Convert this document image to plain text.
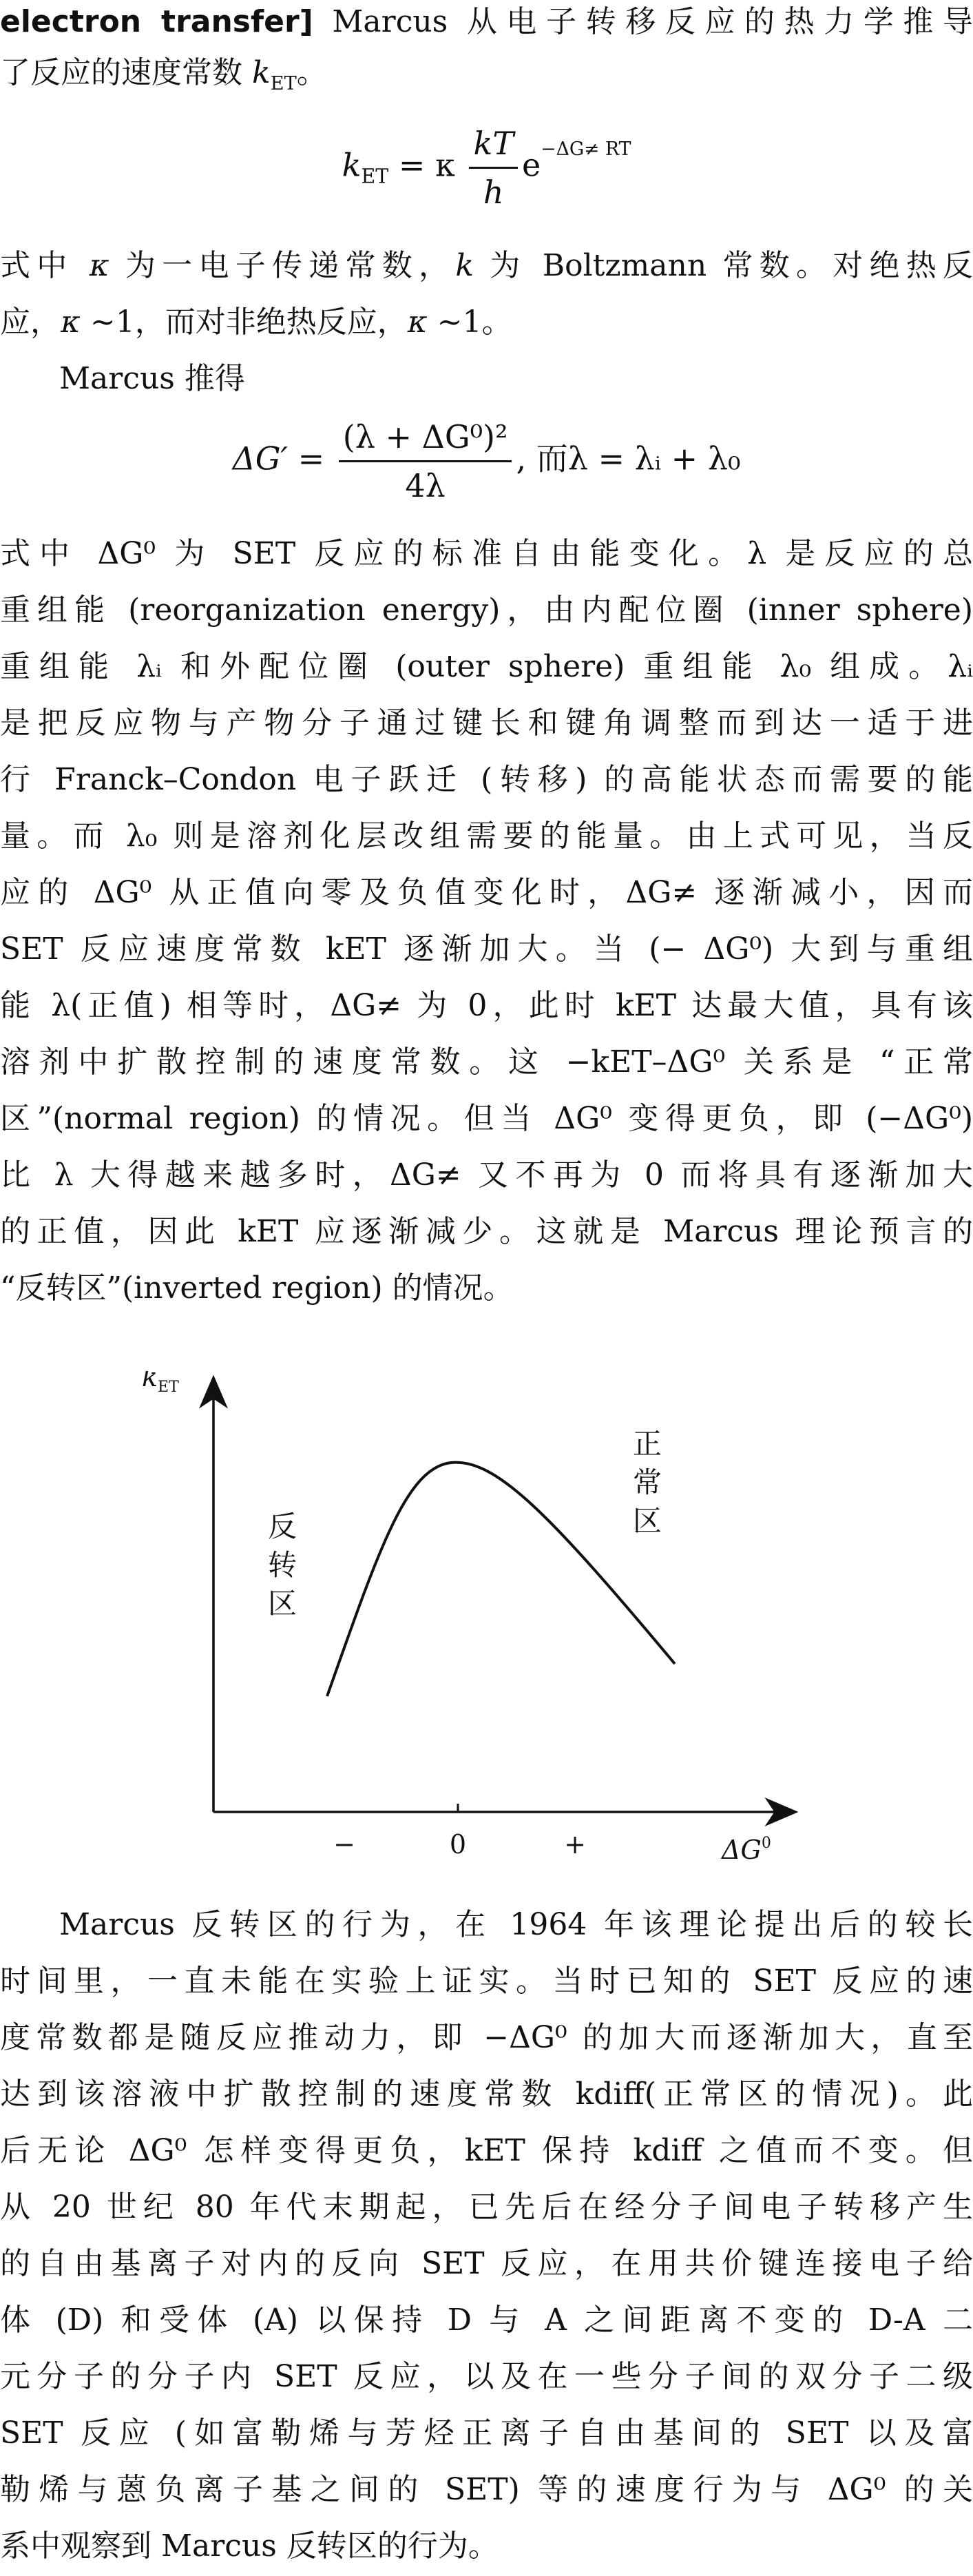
electron transfer] Marcus 从电子转移反应的热力学推导
了反应的速度常数 $k_{ET}$。
$k_{ET} = \kappa \frac{kT}{h} e^{-\Delta G\ne RT}$
式中 κ 为一电子传递常数，k 为 Boltzmann 常数。对绝热反
应，κ ∼1，而对非绝热反应，κ ∼1。
Marcus 推得
$\Delta G' = \frac{\text{(λ + ΔG⁰)²}}{4\lambda}$ , 而λ = λᵢ + λ₀
式中 ΔG⁰ 为 SET 反应的标准自由能变化。λ 是反应的总
重组能 (reorganization energy)，由内配位圈 (inner sphere)
重组能 λᵢ 和外配位圈 (outer sphere) 重组能 λ₀ 组成。λᵢ
是把反应物与产物分子通过键长和键角调整而到达一适于进
行 Franck–Condon 电子跃迁 (转移) 的高能状态而需要的能
量。而 λ₀ 则是溶剂化层改组需要的能量。由上式可见，当反
应的 ΔG⁰ 从正值向零及负值变化时，ΔG≠ 逐渐减小，因而
SET 反应速度常数 kET 逐渐加大。当 (− ΔG⁰) 大到与重组
能 λ(正值) 相等时，ΔG≠ 为 0，此时 kET 达最大值，具有该
溶剂中扩散控制的速度常数。这 −kET–ΔG⁰ 关系是 “正常
区”(normal region) 的情况。但当 ΔG⁰ 变得更负，即 (−ΔG⁰)
比 λ 大得越来越多时，ΔG≠ 又不再为 0 而将具有逐渐加大
的正值，因此 kET 应逐渐减少。这就是 Marcus 理论预言的
“反转区”(inverted region) 的情况。
$k_{ET}$
$\Delta G^0$
−	0	+
反
转
区
正
常
区
Marcus 反转区的行为，在 1964 年该理论提出后的较长
时间里，一直未能在实验上证实。当时已知的 SET 反应的速
度常数都是随反应推动力，即 −ΔG⁰ 的加大而逐渐加大，直至
达到该溶液中扩散控制的速度常数 kdiff(正常区的情况)。此
后无论 ΔG⁰ 怎样变得更负，kET 保持 kdiff 之值而不变。但
从 20 世纪 80 年代末期起，已先后在经分子间电子转移产生
的自由基离子对内的反向 SET 反应，在用共价键连接电子给
体 (D) 和受体 (A) 以保持 D 与 A 之间距离不变的 D-A 二
元分子的分子内 SET 反应，以及在一些分子间的双分子二级
SET 反应 (如富勒烯与芳烃正离子自由基间的 SET 以及富
勒烯与蒽负离子基之间的 SET) 等的速度行为与 ΔG⁰ 的关
系中观察到 Marcus 反转区的行为。
